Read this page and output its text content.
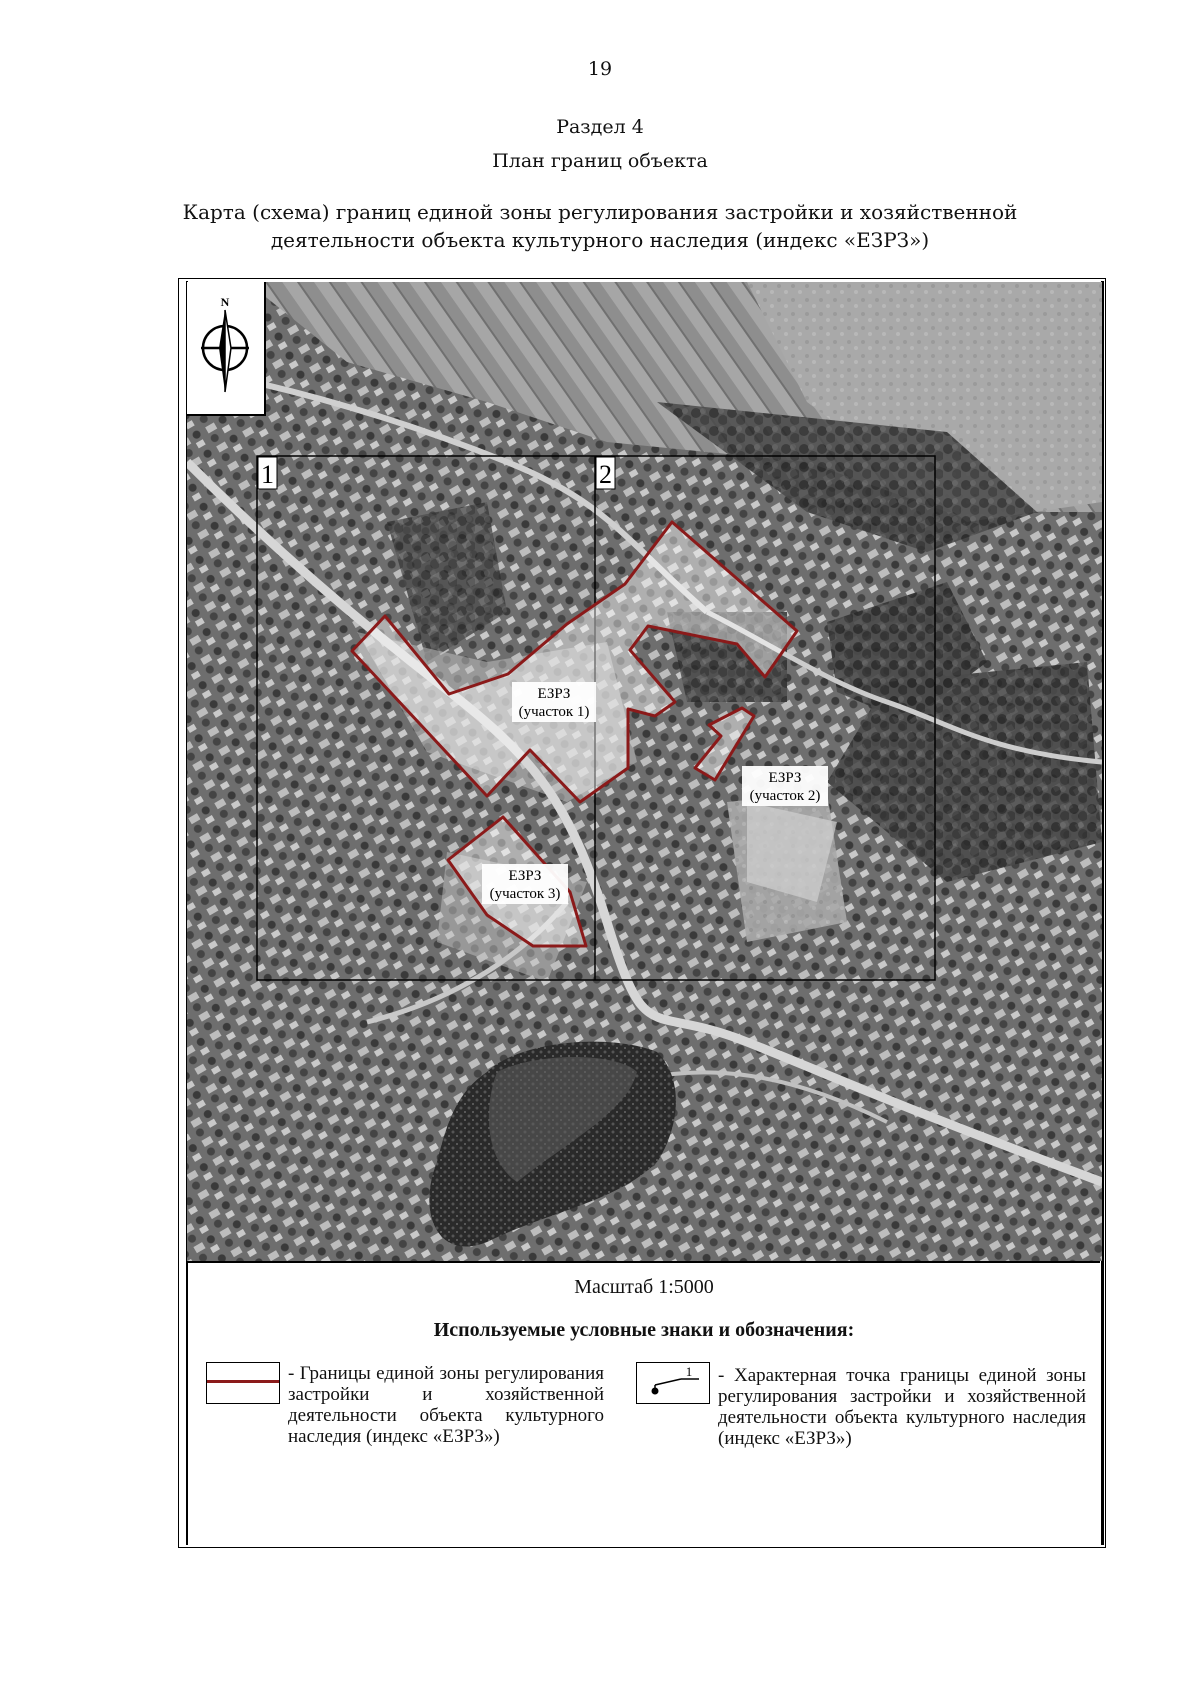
19
Раздел 4
План границ объекта
Карта (схема) границ единой зоны регулирования застройки и хозяйственной
деятельности объекта культурного наследия (индекс «ЕЗРЗ»)
1	2
ЕЗРЗ
(участок 1)
ЕЗРЗ
(участок 2)
ЕЗРЗ
(участок 3)
N
Масштаб 1:5000
Используемые условные знаки и обозначения:
- Границы единой зоны регулирования застройки и хозяйственной деятельности объекта культурного наследия (индекс «ЕЗРЗ»)
1 - Характерная точка границы единой зоны регулирования застройки и хозяйственной деятельности объекта культурного наследия (индекс «ЕЗРЗ»)
